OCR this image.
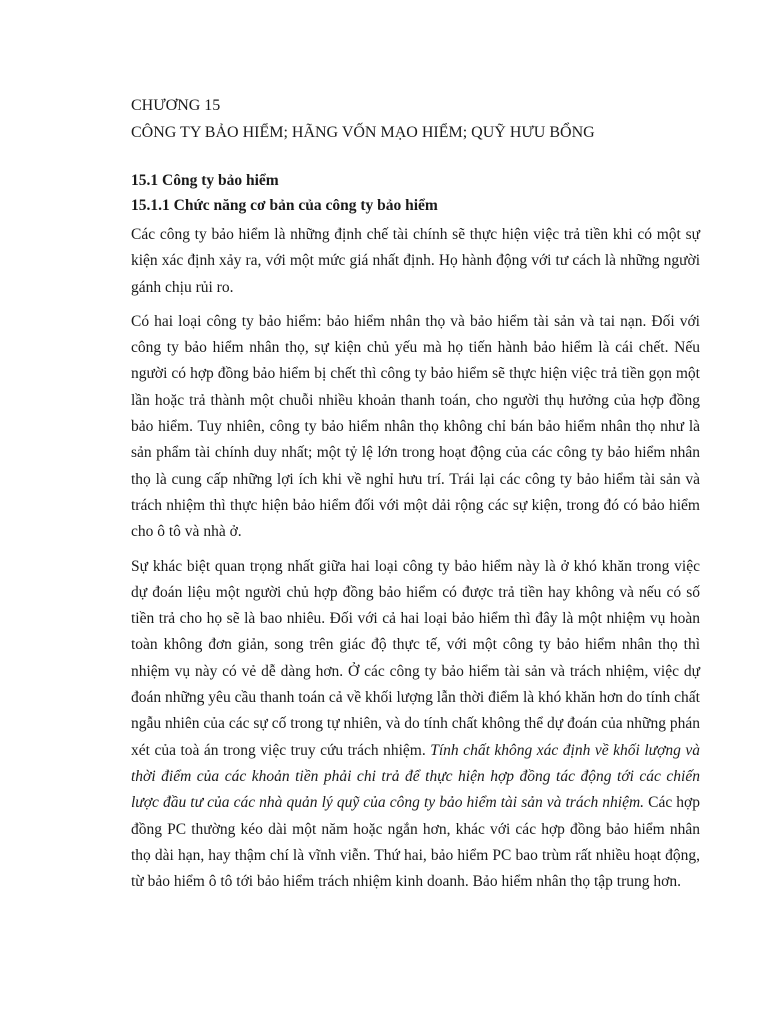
CHƯƠNG 15
CÔNG TY BẢO HIỂM; HÃNG VỐN MẠO HIỂM; QUỸ HƯU BỔNG
15.1 Công ty bảo hiểm
15.1.1 Chức năng cơ bản của công ty bảo hiểm

Các công ty bảo hiểm là những định chế tài chính sẽ thực hiện việc trả tiền khi có một sự kiện xác định xảy ra, với một mức giá nhất định. Họ hành động với tư cách là những người gánh chịu rủi ro.

Có hai loại công ty bảo hiểm: bảo hiểm nhân thọ và bảo hiểm tài sản và tai nạn. Đối với công ty bảo hiểm nhân thọ, sự kiện chủ yếu mà họ tiến hành bảo hiểm là cái chết. Nếu người có hợp đồng bảo hiểm bị chết thì công ty bảo hiểm sẽ thực hiện việc trả tiền gọn một lần hoặc trả thành một chuỗi nhiều khoản thanh toán, cho người thụ hưởng của hợp đồng bảo hiểm. Tuy nhiên, công ty bảo hiểm nhân thọ không chỉ bán bảo hiểm nhân thọ như là sản phẩm tài chính duy nhất; một tỷ lệ lớn trong hoạt động của các công ty bảo hiểm nhân thọ là cung cấp những lợi ích khi về nghỉ hưu trí. Trái lại các công ty bảo hiểm tài sản và trách nhiệm thì thực hiện bảo hiểm đối với một dải rộng các sự kiện, trong đó có bảo hiểm cho ô tô và nhà ở.

Sự khác biệt quan trọng nhất giữa hai loại công ty bảo hiểm này là ở khó khăn trong việc dự đoán liệu một người chủ hợp đồng bảo hiểm có được trả tiền hay không và nếu có số tiền trả cho họ sẽ là bao nhiêu. Đối với cả hai loại bảo hiểm thì đây là một nhiệm vụ hoàn toàn không đơn giản, song trên giác độ thực tế, với một công ty bảo hiểm nhân thọ thì nhiệm vụ này có vẻ dễ dàng hơn. Ở các công ty bảo hiểm tài sản và trách nhiệm, việc dự đoán những yêu cầu thanh toán cả về khối lượng lẫn thời điểm là khó khăn hơn do tính chất ngẫu nhiên của các sự cố trong tự nhiên, và do tính chất không thể dự đoán của những phán xét của toà án trong việc truy cứu trách nhiệm. Tính chất không xác định về khối lượng và thời điểm của các khoản tiền phải chi trả để thực hiện hợp đồng tác động tới các chiến lược đầu tư của các nhà quản lý quỹ của công ty bảo hiểm tài sản và trách nhiệm. Các hợp đồng PC thường kéo dài một năm hoặc ngắn hơn, khác với các hợp đồng bảo hiểm nhân thọ dài hạn, hay thậm chí là vĩnh viễn. Thứ hai, bảo hiểm PC bao trùm rất nhiều hoạt động, từ bảo hiểm ô tô tới bảo hiểm trách nhiệm kinh doanh. Bảo hiểm nhân thọ tập trung hơn.
